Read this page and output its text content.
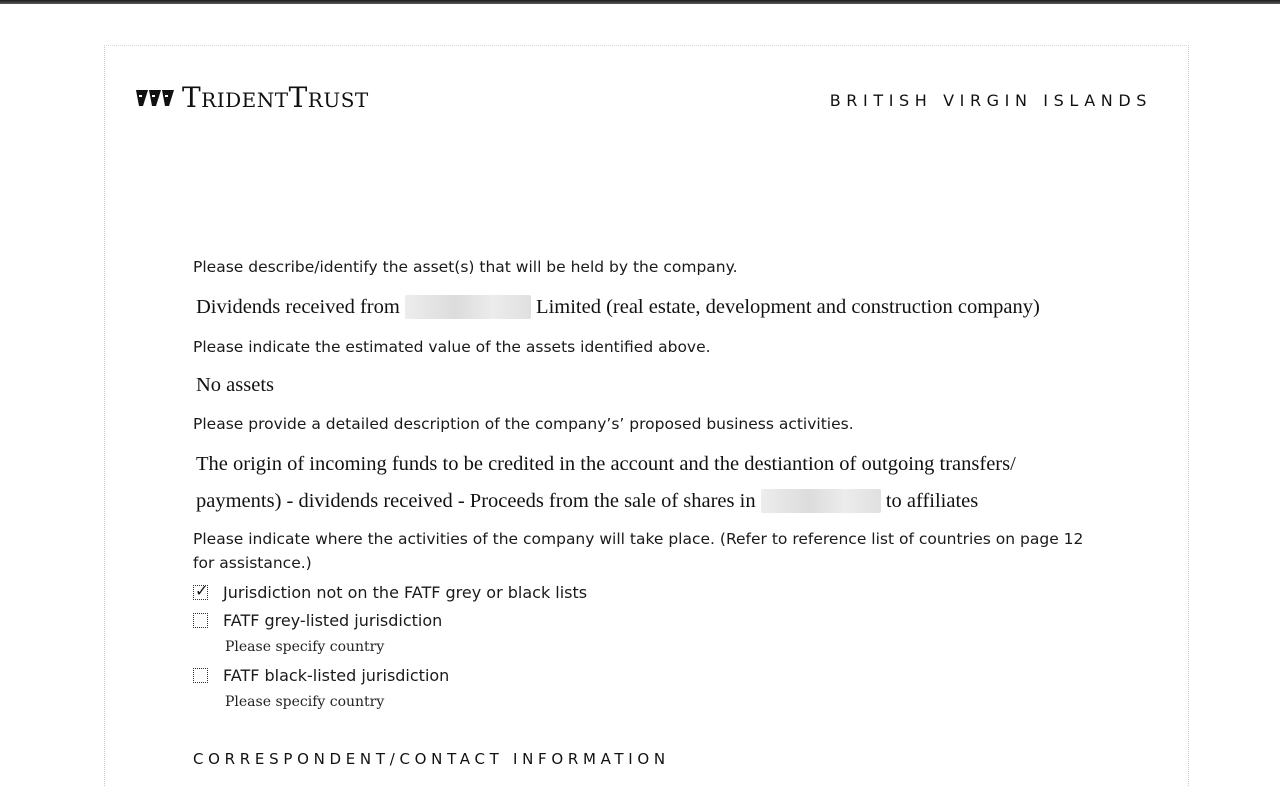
TridentTrust	BRITISH VIRGIN ISLANDS
Please describe/identify the asset(s) that will be held by the company.
Dividends received from	Limited (real estate, development and construction company)
Please indicate the estimated value of the assets identified above.
No assets
Please provide a detailed description of the company’s’ proposed business activities.
The origin of incoming funds to be credited in the account and the destiantion of outgoing transfers/
payments) - dividends received - Proceeds from the sale of shares in	to affiliates
Please indicate where the activities of the company will take place. (Refer to reference list of countries on page 12
for assistance.)
✓ Jurisdiction not on the FATF grey or black lists
FATF grey-listed jurisdiction
Please specify country
FATF black-listed jurisdiction
Please specify country
CORRESPONDENT/CONTACT INFORMATION
